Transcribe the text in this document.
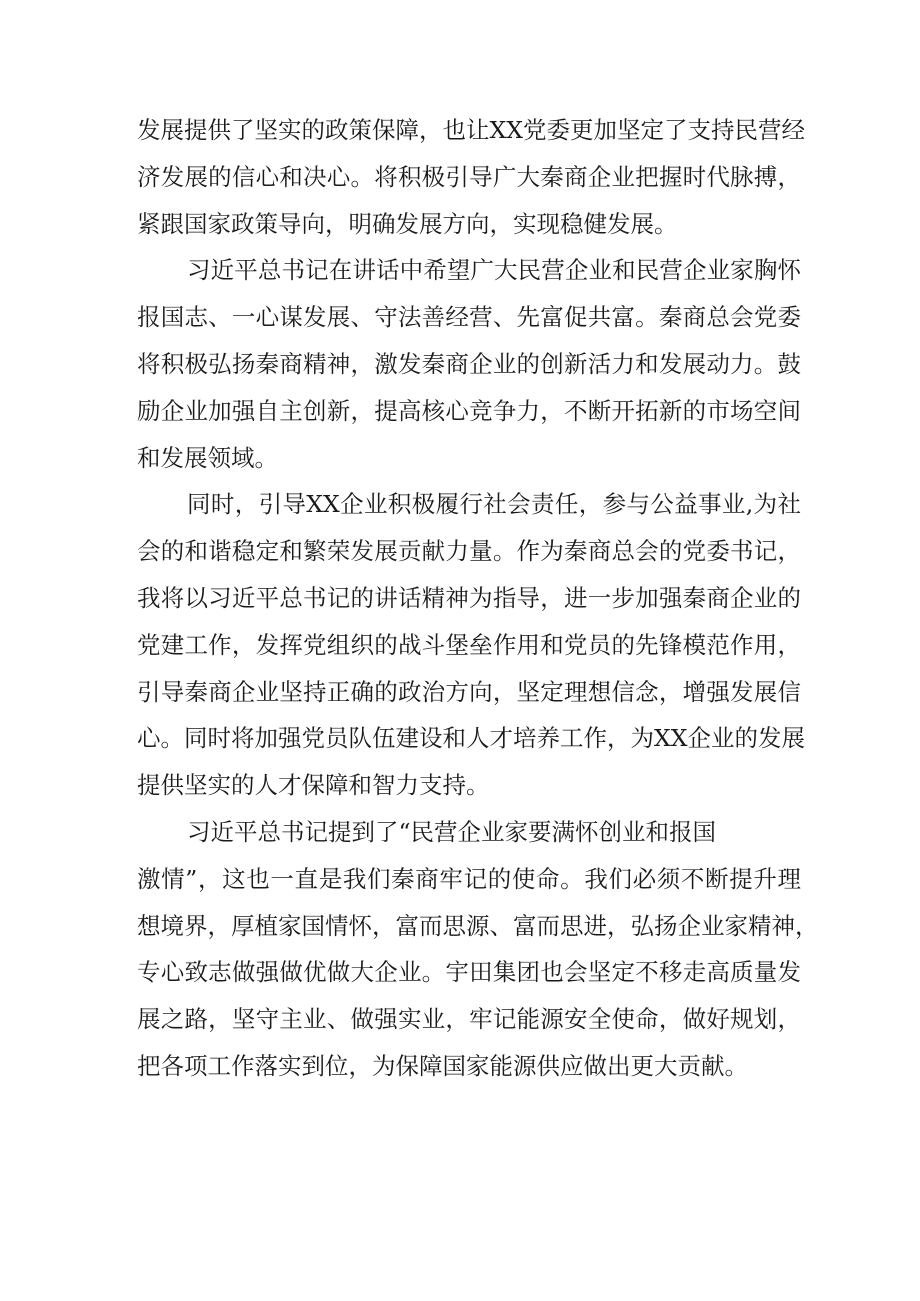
发展提供了坚实的政策保障，也让XX党委更加坚定了支持民营经
济发展的信心和决心。将积极引导广大秦商企业把握时代脉搏，
紧跟国家政策导向，明确发展方向，实现稳健发展。
习近平总书记在讲话中希望广大民营企业和民营企业家胸怀
报国志、一心谋发展、守法善经营、先富促共富。秦商总会党委
将积极弘扬秦商精神，激发秦商企业的创新活力和发展动力。鼓
励企业加强自主创新，提高核心竞争力，不断开拓新的市场空间
和发展领域。
同时，引导XX企业积极履行社会责任，参与公益事业,为社
会的和谐稳定和繁荣发展贡献力量。作为秦商总会的党委书记，
我将以习近平总书记的讲话精神为指导，进一步加强秦商企业的
党建工作，发挥党组织的战斗堡垒作用和党员的先锋模范作用，
引导秦商企业坚持正确的政治方向，坚定理想信念，增强发展信
心。同时将加强党员队伍建设和人才培养工作，为XX企业的发展
提供坚实的人才保障和智力支持。
习近平总书记提到了“民营企业家要满怀创业和报国
激情”，这也一直是我们秦商牢记的使命。我们必须不断提升理
想境界，厚植家国情怀，富而思源、富而思进，弘扬企业家精神，
专心致志做强做优做大企业。宇田集团也会坚定不移走高质量发
展之路，坚守主业、做强实业，牢记能源安全使命，做好规划，
把各项工作落实到位，为保障国家能源供应做出更大贡献。
